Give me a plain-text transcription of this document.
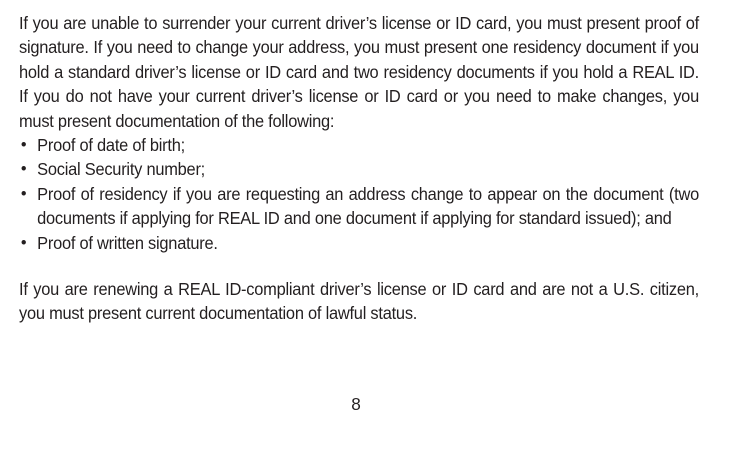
If you are unable to surrender your current driver’s license or ID card, you must present proof of signature. If you need to change your address, you must present one residency document if you hold a standard driver’s license or ID card and two residency documents if you hold a REAL ID. If you do not have your current driver’s license or ID card or you need to make changes, you must present documentation of the following:

• Proof of date of birth;
• Social Security number;
• Proof of residency if you are requesting an address change to appear on the document (two documents if applying for REAL ID and one document if applying for standard issued); and
• Proof of written signature.

If you are renewing a REAL ID-compliant driver’s license or ID card and are not a U.S. citizen, you must present current documentation of lawful status.

8
